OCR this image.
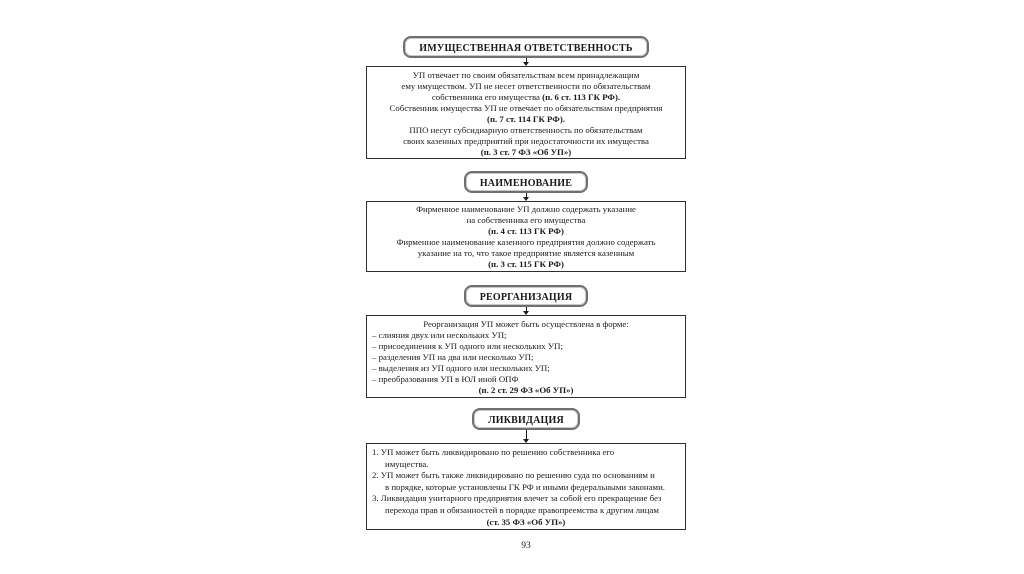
ИМУЩЕСТВЕННАЯ ОТВЕТСТВЕННОСТЬ
УП отвечает по своим обязательствам всем принадлежащим
ему имуществом. УП не несет ответственности по обязательствам
собственника его имущества (п. 6 ст. 113 ГК РФ).
Собственник имущества УП не отвечает по обязательствам предприятия
(п. 7 ст. 114 ГК РФ).
ППО несут субсидиарную ответственность по обязательствам
своих казенных предприятий при недостаточности их имущества
(п. 3 ст. 7 ФЗ «Об УП»)
НАИМЕНОВАНИЕ
Фирменное наименование УП должно содержать указание
на собственника его имущества
(п. 4 ст. 113 ГК РФ)
Фирменное наименование казенного предприятия должно содержать
указание на то, что такое предприятие является казенным
(п. 3 ст. 115 ГК РФ)
РЕОРГАНИЗАЦИЯ
Реорганизация УП может быть осуществлена в форме:
– слияния двух или нескольких УП;
– присоединения к УП одного или нескольких УП;
– разделения УП на два или несколько УП;
– выделения из УП одного или нескольких УП;
– преобразования УП в ЮЛ иной ОПФ
(п. 2 ст. 29 ФЗ «Об УП»)
ЛИКВИДАЦИЯ
1. УП может быть ликвидировано по решению собственника его
имущества.
2. УП может быть также ликвидировано по решению суда по основаниям и
в порядке, которые установлены ГК РФ и иными федеральными законами.
3. Ликвидация унитарного предприятия влечет за собой его прекращение без
перехода прав и обязанностей в порядке правопреемства к другим лицам
(ст. 35 ФЗ «Об УП»)
93
